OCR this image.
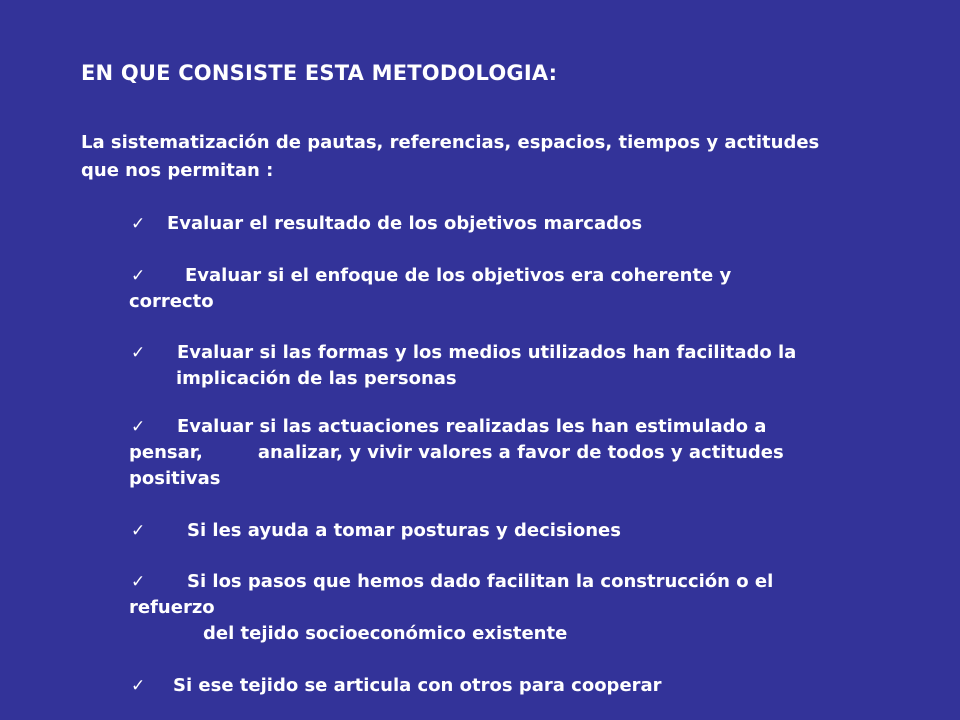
EN QUE CONSISTE ESTA METODOLOGIA:
La sistematización de pautas, referencias, espacios, tiempos y actitudes que nos permitan :
✓ Evaluar el resultado de los objetivos marcados
✓ Evaluar si el enfoque de los objetivos era coherente y
correcto
✓ Evaluar si las formas y los medios utilizados han facilitado la
implicación de las personas
✓ Evaluar si las actuaciones realizadas les han estimulado a
pensar,	analizar, y vivir valores a favor de todos y actitudes
positivas
✓ Si les ayuda a tomar posturas y decisiones
✓ Si los pasos que hemos dado facilitan la construcción o el
refuerzo
del tejido socioeconómico existente
✓ Si ese tejido se articula con otros para cooperar
